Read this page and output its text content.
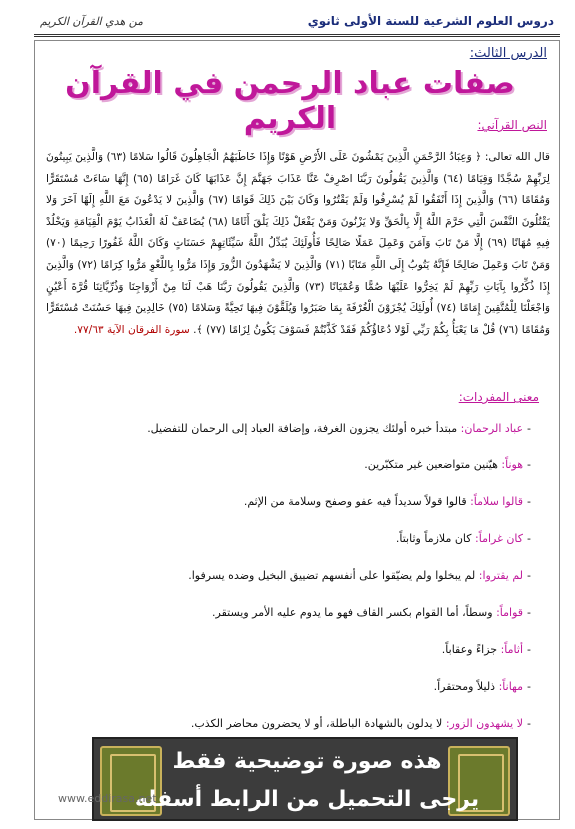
دروس العلوم الشرعية للسنة الأولى ثانوي
من هدي القرآن الكريم
الدرس الثالث:
صفات عباد الرحمن في القرآن الكريم	النص القرآني:
قال الله تعالى: ﴿ وَعِبَادُ الرَّحْمَنِ الَّذِينَ يَمْشُونَ عَلَى الأَرْضِ هَوْنًا وَإِذَا خَاطَبَهُمُ الْجَاهِلُونَ قَالُوا سَلامًا (٦٣) وَالَّذِينَ يَبِيتُونَ لِرَبِّهِمْ سُجَّدًا وَقِيَامًا (٦٤) وَالَّذِينَ يَقُولُونَ رَبَّنَا اصْرِفْ عَنَّا عَذَابَ جَهَنَّمَ إِنَّ عَذَابَهَا كَانَ غَرَامًا (٦٥) إِنَّهَا سَاءَتْ مُسْتَقَرًّا وَمُقَامًا (٦٦) وَالَّذِينَ إِذَا أَنْفَقُوا لَمْ يُسْرِفُوا وَلَمْ يَقْتُرُوا وَكَانَ بَيْنَ ذَلِكَ قَوَامًا (٦٧) وَالَّذِينَ لا يَدْعُونَ مَعَ اللَّهِ إِلَهًا آخَرَ وَلا يَقْتُلُونَ النَّفْسَ الَّتِي حَرَّمَ اللَّهُ إِلَّا بِالْحَقِّ وَلا يَزْنُونَ وَمَنْ يَفْعَلْ ذَلِكَ يَلْقَ أَثَامًا (٦٨) يُضَاعَفْ لَهُ الْعَذَابُ يَوْمَ الْقِيَامَةِ وَيَخْلُدْ فِيهِ مُهَانًا (٦٩) إِلَّا مَنْ تَابَ وَآمَنَ وَعَمِلَ عَمَلًا صَالِحًا فَأُولَئِكَ يُبَدِّلُ اللَّهُ سَيِّئَاتِهِمْ حَسَنَاتٍ وَكَانَ اللَّهُ غَفُورًا رَحِيمًا (٧٠) وَمَنْ تَابَ وَعَمِلَ صَالِحًا فَإِنَّهُ يَتُوبُ إِلَى اللَّهِ مَتَابًا (٧١) وَالَّذِينَ لا يَشْهَدُونَ الزُّورَ وَإِذَا مَرُّوا بِاللَّغْوِ مَرُّوا كِرَامًا (٧٢) وَالَّذِينَ إِذَا ذُكِّرُوا بِآيَاتِ رَبِّهِمْ لَمْ يَخِرُّوا عَلَيْهَا صُمًّا وَعُمْيَانًا (٧٣) وَالَّذِينَ يَقُولُونَ رَبَّنَا هَبْ لَنَا مِنْ أَزْوَاجِنَا وَذُرِّيَّاتِنَا قُرَّةَ أَعْيُنٍ وَاجْعَلْنَا لِلْمُتَّقِينَ إِمَامًا (٧٤) أُولَئِكَ يُجْزَوْنَ الْغُرْفَةَ بِمَا صَبَرُوا وَيُلَقَّوْنَ فِيهَا تَحِيَّةً وَسَلامًا (٧٥) خَالِدِينَ فِيهَا حَسُنَتْ مُسْتَقَرًّا وَمُقَامًا (٧٦) قُلْ مَا يَعْبَأُ بِكُمْ رَبِّي لَوْلا دُعَاؤُكُمْ فَقَدْ كَذَّبْتُمْ فَسَوْفَ يَكُونُ لِزَامًا (٧٧) ﴾. سورة الفرقان الآية ٧٧/٦٣.
معنى المفردات:
-عباد الرحمان: مبتدأ خبره أولئك يجزون الغرفة، وإضافة العباد إلى الرحمان للتفضيل.
-هوناً: هيّنين متواضعين غير متكبّرين.
-قالوا سلاماً: قالوا قولاً سديداً فيه عفو وصفح وسلامة من الإثم.
-كان غراماً: كان ملازماً وثابتاً.
-لم يقتروا: لم يبخلوا ولم يضيّقوا على أنفسهم تضييق البخيل وضده يسرفوا.
-قواماً: وسطاً، أما القوام بكسر القاف فهو ما يدوم عليه الأمر ويستقر.
-أثاماً: جزاءً وعقاباً.
-مهاناً: ذليلاً ومحتقراً.
-لا يشهدون الزور: لا يدلون بالشهادة الباطلة، أو لا يحضرون محاضر الكذب.
هذه صورة توضيحية فقط
يرجى التحميل من الرابط أسفله
www.eddirasa.net
